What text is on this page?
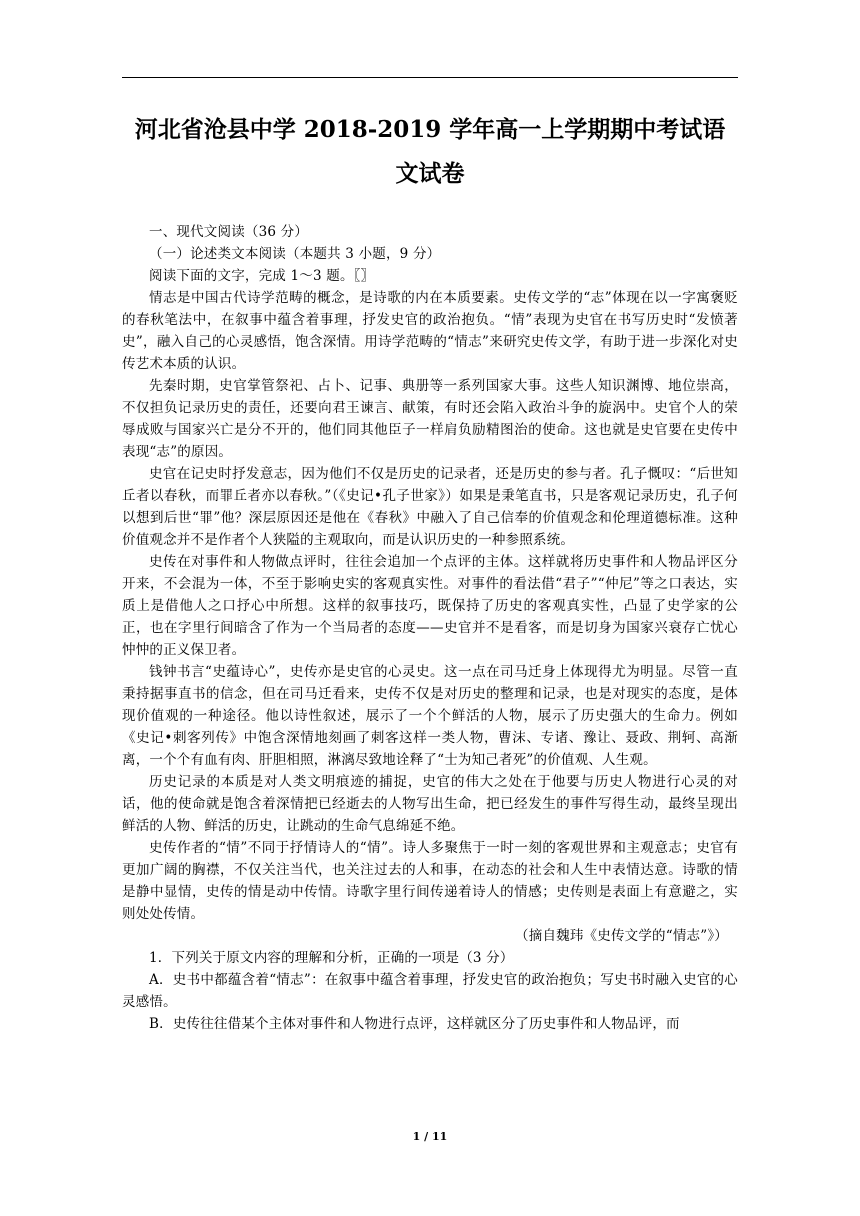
河北省沧县中学 2018-2019 学年高一上学期期中考试语
文试卷

一、现代文阅读（36 分）

（一）论述类文本阅读（本题共 3 小题，9 分）

阅读下面的文字，完成 1～3 题。〖〗

情志是中国古代诗学范畴的概念，是诗歌的内在本质要素。史传文学的“志”体现在以一字寓褒贬的春秋笔法中，在叙事中蕴含着事理，抒发史官的政治抱负。“情”表现为史官在书写历史时“发愤著史”，融入自己的心灵感悟，饱含深情。用诗学范畴的“情志”来研究史传文学，有助于进一步深化对史传艺术本质的认识。

先秦时期，史官掌管祭祀、占卜、记事、典册等一系列国家大事。这些人知识渊博、地位崇高，不仅担负记录历史的责任，还要向君王谏言、献策，有时还会陷入政治斗争的旋涡中。史官个人的荣辱成败与国家兴亡是分不开的，他们同其他臣子一样肩负励精图治的使命。这也就是史官要在史传中表现“志”的原因。

史官在记史时抒发意志，因为他们不仅是历史的记录者，还是历史的参与者。孔子慨叹：“后世知丘者以春秋，而罪丘者亦以春秋。”（《史记•孔子世家》）如果是秉笔直书，只是客观记录历史，孔子何以想到后世“罪”他？深层原因还是他在《春秋》中融入了自己信奉的价值观念和伦理道德标准。这种价值观念并不是作者个人狭隘的主观取向，而是认识历史的一种参照系统。

史传在对事件和人物做点评时，往往会追加一个点评的主体。这样就将历史事件和人物品评区分开来，不会混为一体，不至于影响史实的客观真实性。对事件的看法借“君子”“仲尼”等之口表达，实质上是借他人之口抒心中所想。这样的叙事技巧，既保持了历史的客观真实性，凸显了史学家的公正，也在字里行间暗含了作为一个当局者的态度——史官并不是看客，而是切身为国家兴衰存亡忧心忡忡的正义保卫者。

钱钟书言“史蕴诗心”，史传亦是史官的心灵史。这一点在司马迁身上体现得尤为明显。尽管一直秉持据事直书的信念，但在司马迁看来，史传不仅是对历史的整理和记录，也是对现实的态度，是体现价值观的一种途径。他以诗性叙述，展示了一个个鲜活的人物，展示了历史强大的生命力。例如《史记•刺客列传》中饱含深情地刻画了刺客这样一类人物，曹沫、专诸、豫让、聂政、荆轲、高渐离，一个个有血有肉、肝胆相照，淋漓尽致地诠释了“士为知己者死”的价值观、人生观。

历史记录的本质是对人类文明痕迹的捕捉，史官的伟大之处在于他要与历史人物进行心灵的对话，他的使命就是饱含着深情把已经逝去的人物写出生命，把已经发生的事件写得生动，最终呈现出鲜活的人物、鲜活的历史，让跳动的生命气息绵延不绝。

史传作者的“情”不同于抒情诗人的“情”。诗人多聚焦于一时一刻的客观世界和主观意志；史官有更加广阔的胸襟，不仅关注当代，也关注过去的人和事，在动态的社会和人生中表情达意。诗歌的情是静中显情，史传的情是动中传情。诗歌字里行间传递着诗人的情感；史传则是表面上有意避之，实则处处传情。

（摘自魏玮《史传文学的“情志”》）

1．下列关于原文内容的理解和分析，正确的一项是（3 分）

A．史书中都蕴含着“情志”：在叙事中蕴含着事理，抒发史官的政治抱负；写史书时融入史官的心灵感悟。

B．史传往往借某个主体对事件和人物进行点评，这样就区分了历史事件和人物品评，而

1 / 11
